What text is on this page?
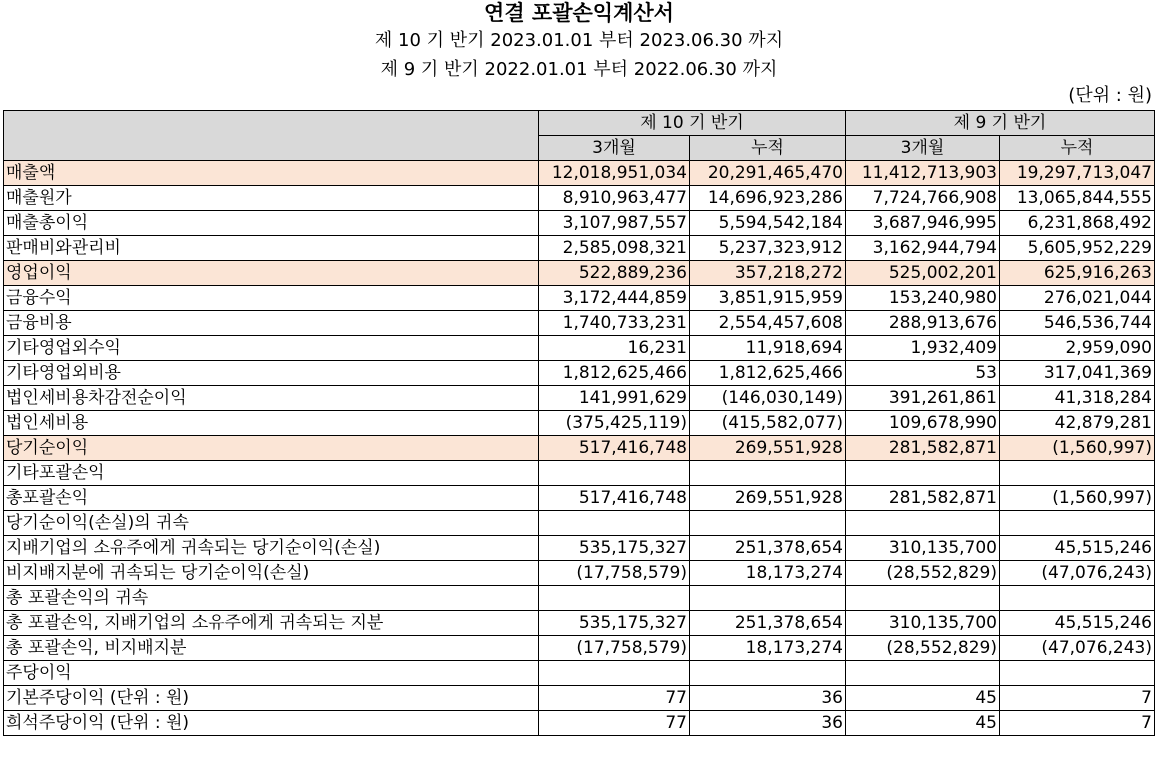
연결 포괄손익계산서
제 10 기 반기 2023.01.01 부터 2023.06.30 까지
제 9 기 반기 2022.01.01 부터 2022.06.30 까지
(단위 : 원)
	제 10 기 반기		제 9 기 반기	
	3개월	누적	3개월	누적
매출액	12,018,951,034	20,291,465,470	11,412,713,903	19,297,713,047
매출원가	8,910,963,477	14,696,923,286	7,724,766,908	13,065,844,555
매출총이익	3,107,987,557	5,594,542,184	3,687,946,995	6,231,868,492
판매비와관리비	2,585,098,321	5,237,323,912	3,162,944,794	5,605,952,229
영업이익	522,889,236	357,218,272	525,002,201	625,916,263
금융수익	3,172,444,859	3,851,915,959	153,240,980	276,021,044
금융비용	1,740,733,231	2,554,457,608	288,913,676	546,536,744
기타영업외수익	16,231	11,918,694	1,932,409	2,959,090
기타영업외비용	1,812,625,466	1,812,625,466	53	317,041,369
법인세비용차감전순이익	141,991,629	(146,030,149)	391,261,861	41,318,284
법인세비용	(375,425,119)	(415,582,077)	109,678,990	42,879,281
당기순이익	517,416,748	269,551,928	281,582,871	(1,560,997)
기타포괄손익				
총포괄손익	517,416,748	269,551,928	281,582,871	(1,560,997)
당기순이익(손실)의 귀속				
지배기업의 소유주에게 귀속되는 당기순이익(손실)	535,175,327	251,378,654	310,135,700	45,515,246
비지배지분에 귀속되는 당기순이익(손실)	(17,758,579)	18,173,274	(28,552,829)	(47,076,243)
총 포괄손익의 귀속				
총 포괄손익, 지배기업의 소유주에게 귀속되는 지분	535,175,327	251,378,654	310,135,700	45,515,246
총 포괄손익, 비지배지분	(17,758,579)	18,173,274	(28,552,829)	(47,076,243)
주당이익				
기본주당이익 (단위 : 원)	77	36	45	7
희석주당이익 (단위 : 원)	77	36	45	7
